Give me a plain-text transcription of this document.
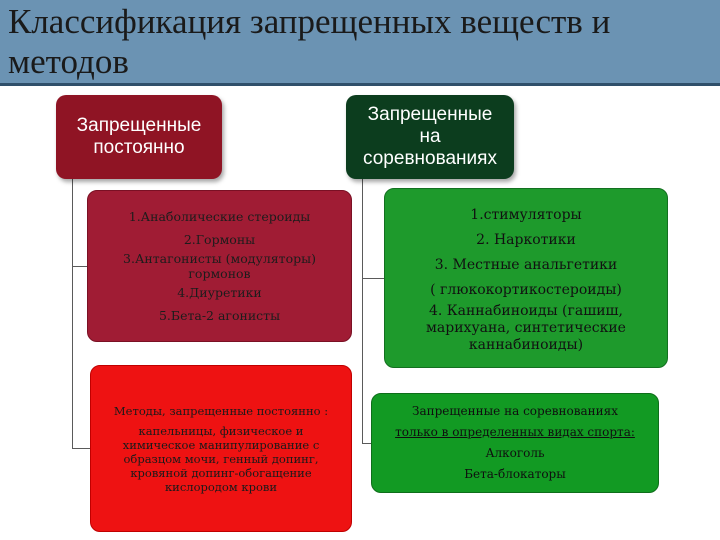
Классификация запрещенных веществ и методов
Запрещенные
постоянно
Запрещенные
на
соревнованиях
1.Анаболические стероиды
2.Гормоны
3.Антагонисты (модуляторы)
гормонов
4.Диуретики
5.Бета-2 агонисты
1.стимуляторы
2. Наркотики
3. Местные анальгетики
( глюкокортикостероиды)
4. Каннабиноиды (гашиш,
марихуана, синтетические
каннабиноиды)
Методы, запрещенные постоянно :
капельницы, физическое и
химическое манипулирование с
образцом мочи, генный допинг,
кровяной допинг-обогащение
кислородом крови
Запрещенные на соревнованиях
только в определенных видах спорта:
Алкоголь
Бета-блокаторы
